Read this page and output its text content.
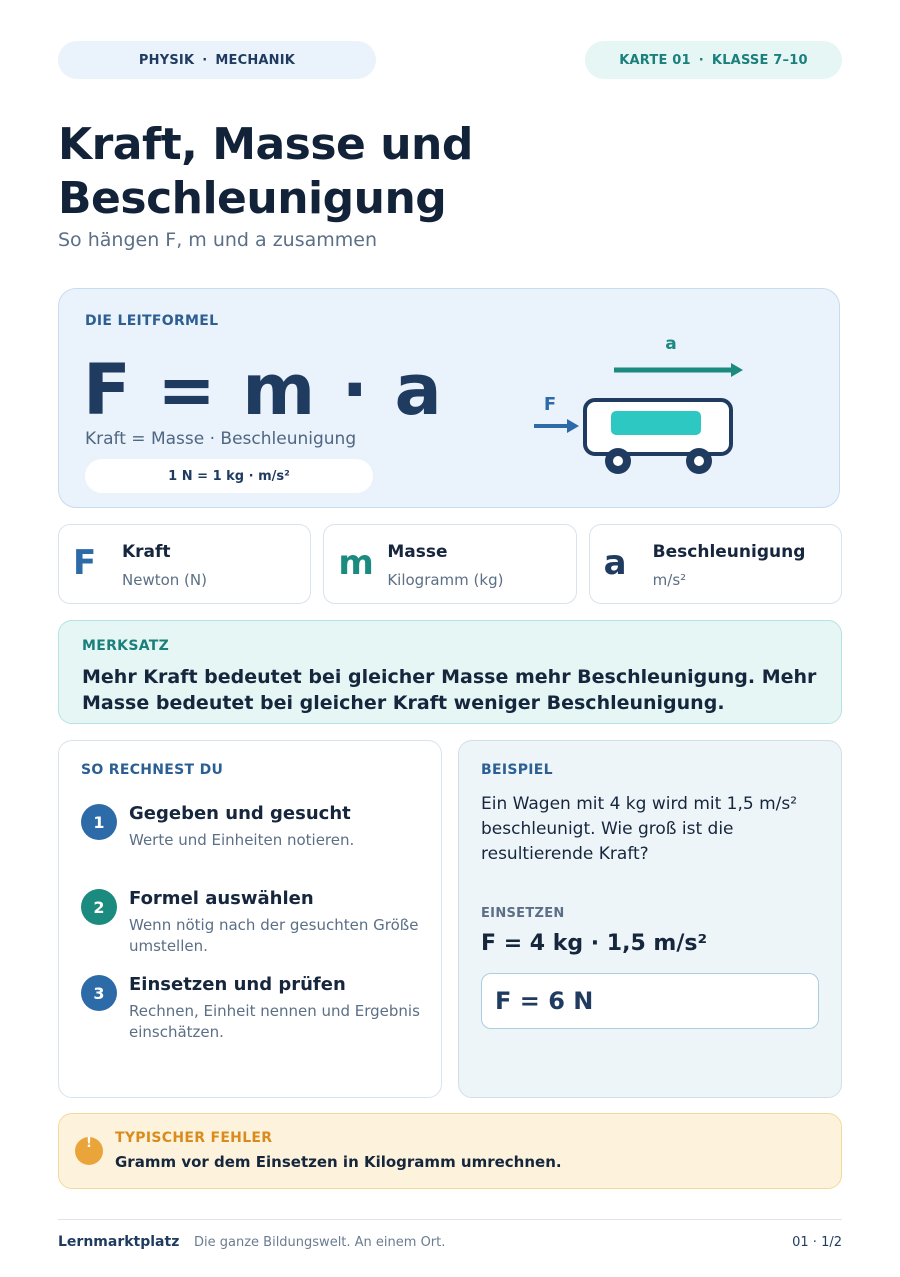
PHYSIK · MECHANIK	KARTE 01 · KLASSE 7–10
Kraft, Masse und Beschleunigung
So hängen F, m und a zusammen
DIE LEITFORMEL
F = m · a
Kraft = Masse · Beschleunigung
1 N = 1 kg · m/s²
a
F
F Kraft
Newton (N)	m Masse
Kilogramm (kg)	a Beschleunigung
m/s²
MERKSATZ
Mehr Kraft bedeutet bei gleicher Masse mehr Beschleunigung. Mehr Masse bedeutet bei gleicher Kraft weniger Beschleunigung.
SO RECHNEST DU
1	Gegeben und gesucht
Werte und Einheiten notieren.
2	Formel auswählen
Wenn nötig nach der gesuchten Größe umstellen.
3	Einsetzen und prüfen
Rechnen, Einheit nennen und Ergebnis einschätzen.
BEISPIEL
Ein Wagen mit 4 kg wird mit 1,5 m/s² beschleunigt. Wie groß ist die resultierende Kraft?
EINSETZEN
F = 4 kg · 1,5 m/s²
F = 6 N
!	TYPISCHER FEHLER
Gramm vor dem Einsetzen in Kilogramm umrechnen.
Lernmarktplatz Die ganze Bildungswelt. An einem Ort.	01 · 1/2
